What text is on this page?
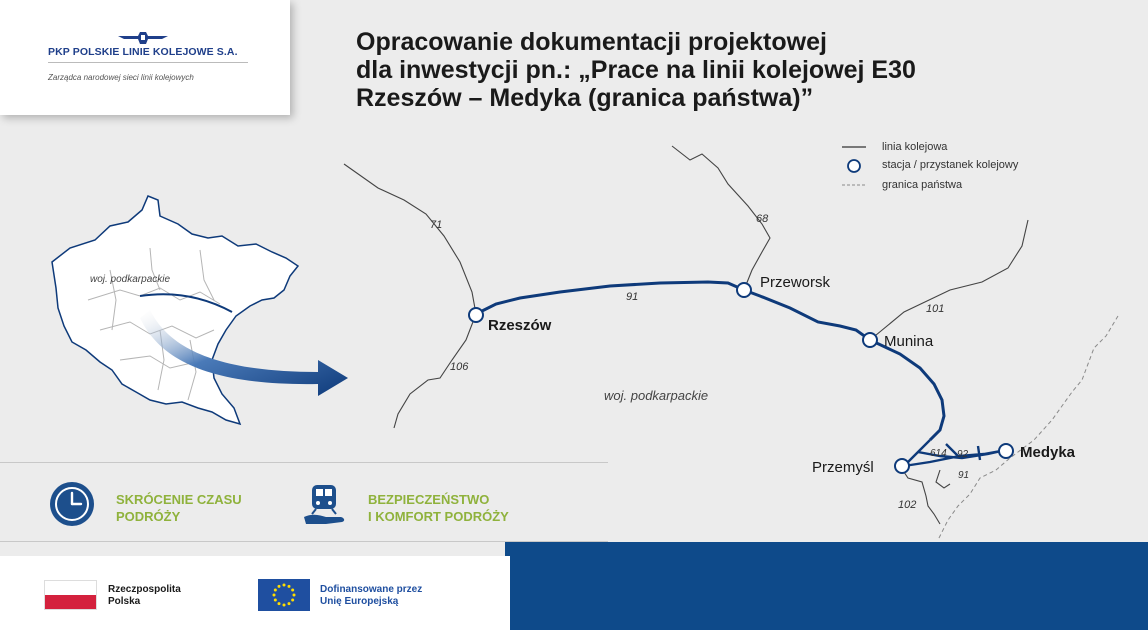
PKP POLSKIE LINIE KOLEJOWE S.A.
Zarządca narodowej sieci linii kolejowych
Opracowanie dokumentacji projektowej
dla inwestycji pn.: „Prace na linii kolejowej E30
Rzeszów – Medyka (granica państwa)”
woj. podkarpackie
Rzeszów
Przeworsk
Munina
Przemyśl
Medyka
71
106
68
91
101
614 92
91
102
woj. podkarpackie
linia kolejowa
stacja / przystanek kolejowy
granica państwa
SKRÓCENIE CZASU
PODRÓŻY
BEZPIECZEŃSTWO
I KOMFORT PODRÓŻY
Rzeczpospolita
Polska
Dofinansowane przez
Unię Europejską
